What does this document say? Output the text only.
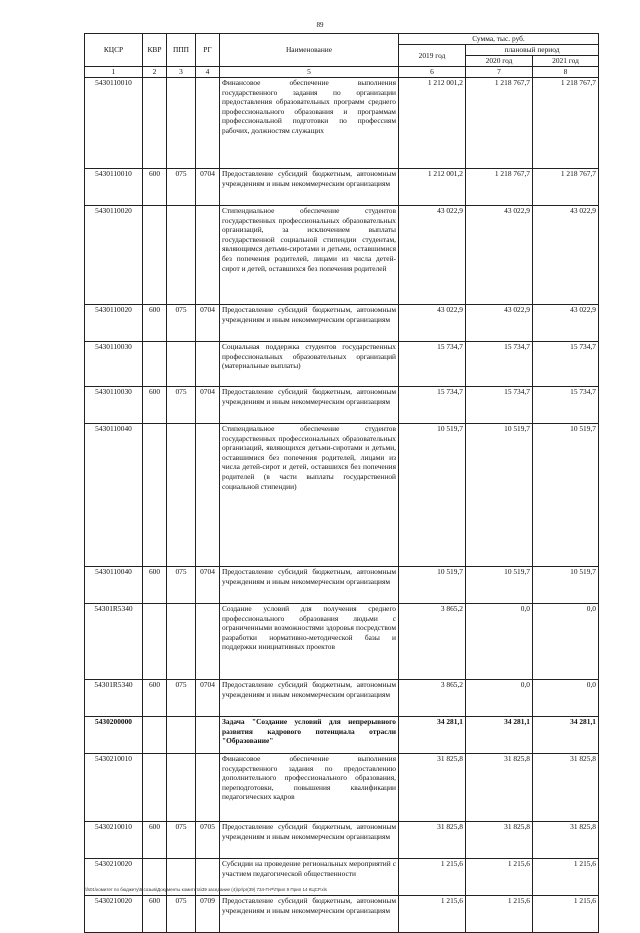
89
КЦСР	КВР	ППП	РГ	Наименование	Сумма, тыс. руб.		
					2019 год	плановый период	
						2020 год	2021 год
1	2	3	4	5	6	7	8
5430110010				Финансовое обеспечение выполнения государственного задания по организации предоставления образовательных программ среднего профессионального образования и программам профессиональной подготовки по профессиям рабочих, должностям служащих	1 212 001,2	1 218 767,7	1 218 767,7
5430110010	600	075	0704	Предоставление субсидий бюджетным, автономным учреждениям и иным некоммерческим организациям	1 212 001,2	1 218 767,7	1 218 767,7
5430110020				Стипендиальное обеспечение студентов государственных профессиональных образовательных организаций, за исключением выплаты государственной социальной стипендии студентам, являющимся детьми-сиротами и детьми, оставшимися без попечения родителей, лицами из числа детей-сирот и детей, оставшихся без попечения родителей	43 022,9	43 022,9	43 022,9
5430110020	600	075	0704	Предоставление субсидий бюджетным, автономным учреждениям и иным некоммерческим организациям	43 022,9	43 022,9	43 022,9
5430110030				Социальная поддержка студентов государственных профессиональных образовательных организаций (материальные выплаты)	15 734,7	15 734,7	15 734,7
5430110030	600	075	0704	Предоставление субсидий бюджетным, автономным учреждениям и иным некоммерческим организациям	15 734,7	15 734,7	15 734,7
5430110040				Стипендиальное обеспечение студентов государственных профессиональных образовательных организаций, являющихся детьми-сиротами и детьми, оставшимися без попечения родителей, лицами из числа детей-сирот и детей, оставшихся без попечения родителей (в части выплаты государственной социальной стипендии)	10 519,7	10 519,7	10 519,7
5430110040	600	075	0704	Предоставление субсидий бюджетным, автономным учреждениям и иным некоммерческим организациям	10 519,7	10 519,7	10 519,7
54301R5340				Создание условий для получения среднего профессионального образования людьми с ограниченными возможностями здоровья посредством разработки нормативно-методической базы и поддержки инициативных проектов	3 865,2	0,0	0,0
54301R5340	600	075	0704	Предоставление субсидий бюджетным, автономным учреждениям и иным некоммерческим организациям	3 865,2	0,0	0,0
5430200000				Задача "Создание условий для непрерывного развития кадрового потенциала отрасли "Образование"	34 281,1	34 281,1	34 281,1
5430210010				Финансовое обеспечение выполнения государственного задания по предоставлению дополнительного профессионального образования, переподготовки, повышения квалификации педагогических кадров	31 825,8	31 825,8	31 825,8
5430210010	600	075	0705	Предоставление субсидий бюджетным, автономным учреждениям и иным некоммерческим организациям	31 825,8	31 825,8	31 825,8
5430210020				Субсидии на проведение региональных мероприятий с участием педагогической общественности	1 215,6	1 215,6	1 215,6
5430210020	600	075	0709	Предоставление субсидий бюджетным, автономным учреждениям и иным некоммерческим организациям	1 215,6	1 215,6	1 215,6
\\fs01\комитет по бюджету\5 созыв\Документы комитета\39 заседание (4)\pr\pr(39) 734-П-Р\Прил 9 Прил 14 КЦСР.xls
